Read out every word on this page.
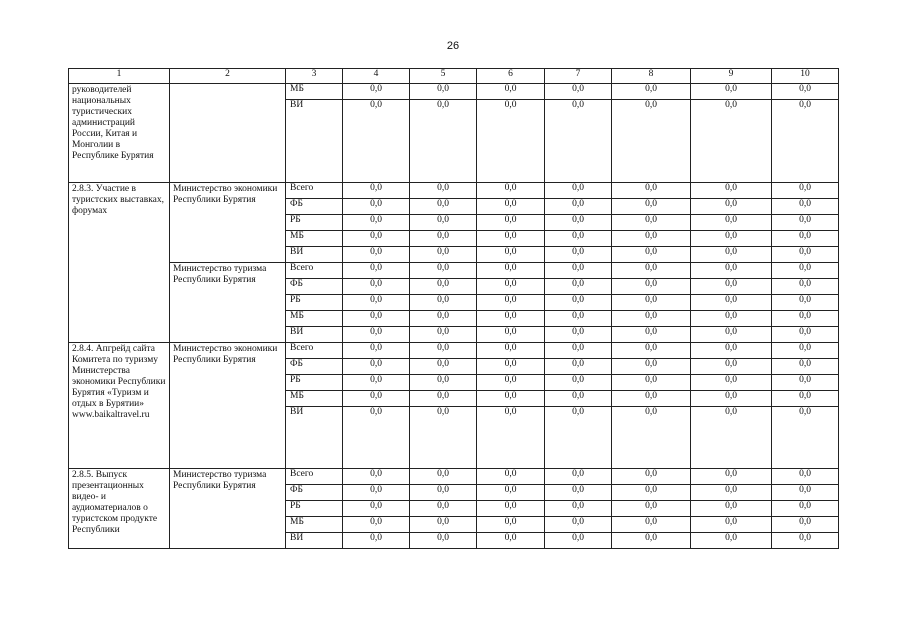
26
1	2	3	4	5	6	7	8	9	10
руководителей национальных туристических администраций России, Китая и Монголии в Республике Бурятия		МБ	0,0	0,0	0,0	0,0	0,0	0,0	0,0
		ВИ	0,0	0,0	0,0	0,0	0,0	0,0	0,0
2.8.3. Участие в туристских выставках, форумах	Министерство экономики Республики Бурятия	Всего	0,0	0,0	0,0	0,0	0,0	0,0	0,0
		ФБ	0,0	0,0	0,0	0,0	0,0	0,0	0,0
		РБ	0,0	0,0	0,0	0,0	0,0	0,0	0,0
		МБ	0,0	0,0	0,0	0,0	0,0	0,0	0,0
		ВИ	0,0	0,0	0,0	0,0	0,0	0,0	0,0
	Министерство туризма Республики Бурятия	Всего	0,0	0,0	0,0	0,0	0,0	0,0	0,0
		ФБ	0,0	0,0	0,0	0,0	0,0	0,0	0,0
		РБ	0,0	0,0	0,0	0,0	0,0	0,0	0,0
		МБ	0,0	0,0	0,0	0,0	0,0	0,0	0,0
		ВИ	0,0	0,0	0,0	0,0	0,0	0,0	0,0
2.8.4. Апгрейд сайта Комитета по туризму Министерства экономики Республики Бурятия «Туризм и отдых в Бурятии» www.baikaltravel.ru	Министерство экономики Республики Бурятия	Всего	0,0	0,0	0,0	0,0	0,0	0,0	0,0
		ФБ	0,0	0,0	0,0	0,0	0,0	0,0	0,0
		РБ	0,0	0,0	0,0	0,0	0,0	0,0	0,0
		МБ	0,0	0,0	0,0	0,0	0,0	0,0	0,0
		ВИ	0,0	0,0	0,0	0,0	0,0	0,0	0,0
2.8.5. Выпуск презентационных видео- и аудиоматериалов о туристском продукте Республики	Министерство туризма Республики Бурятия	Всего	0,0	0,0	0,0	0,0	0,0	0,0	0,0
		ФБ	0,0	0,0	0,0	0,0	0,0	0,0	0,0
		РБ	0,0	0,0	0,0	0,0	0,0	0,0	0,0
		МБ	0,0	0,0	0,0	0,0	0,0	0,0	0,0
		ВИ	0,0	0,0	0,0	0,0	0,0	0,0	0,0
